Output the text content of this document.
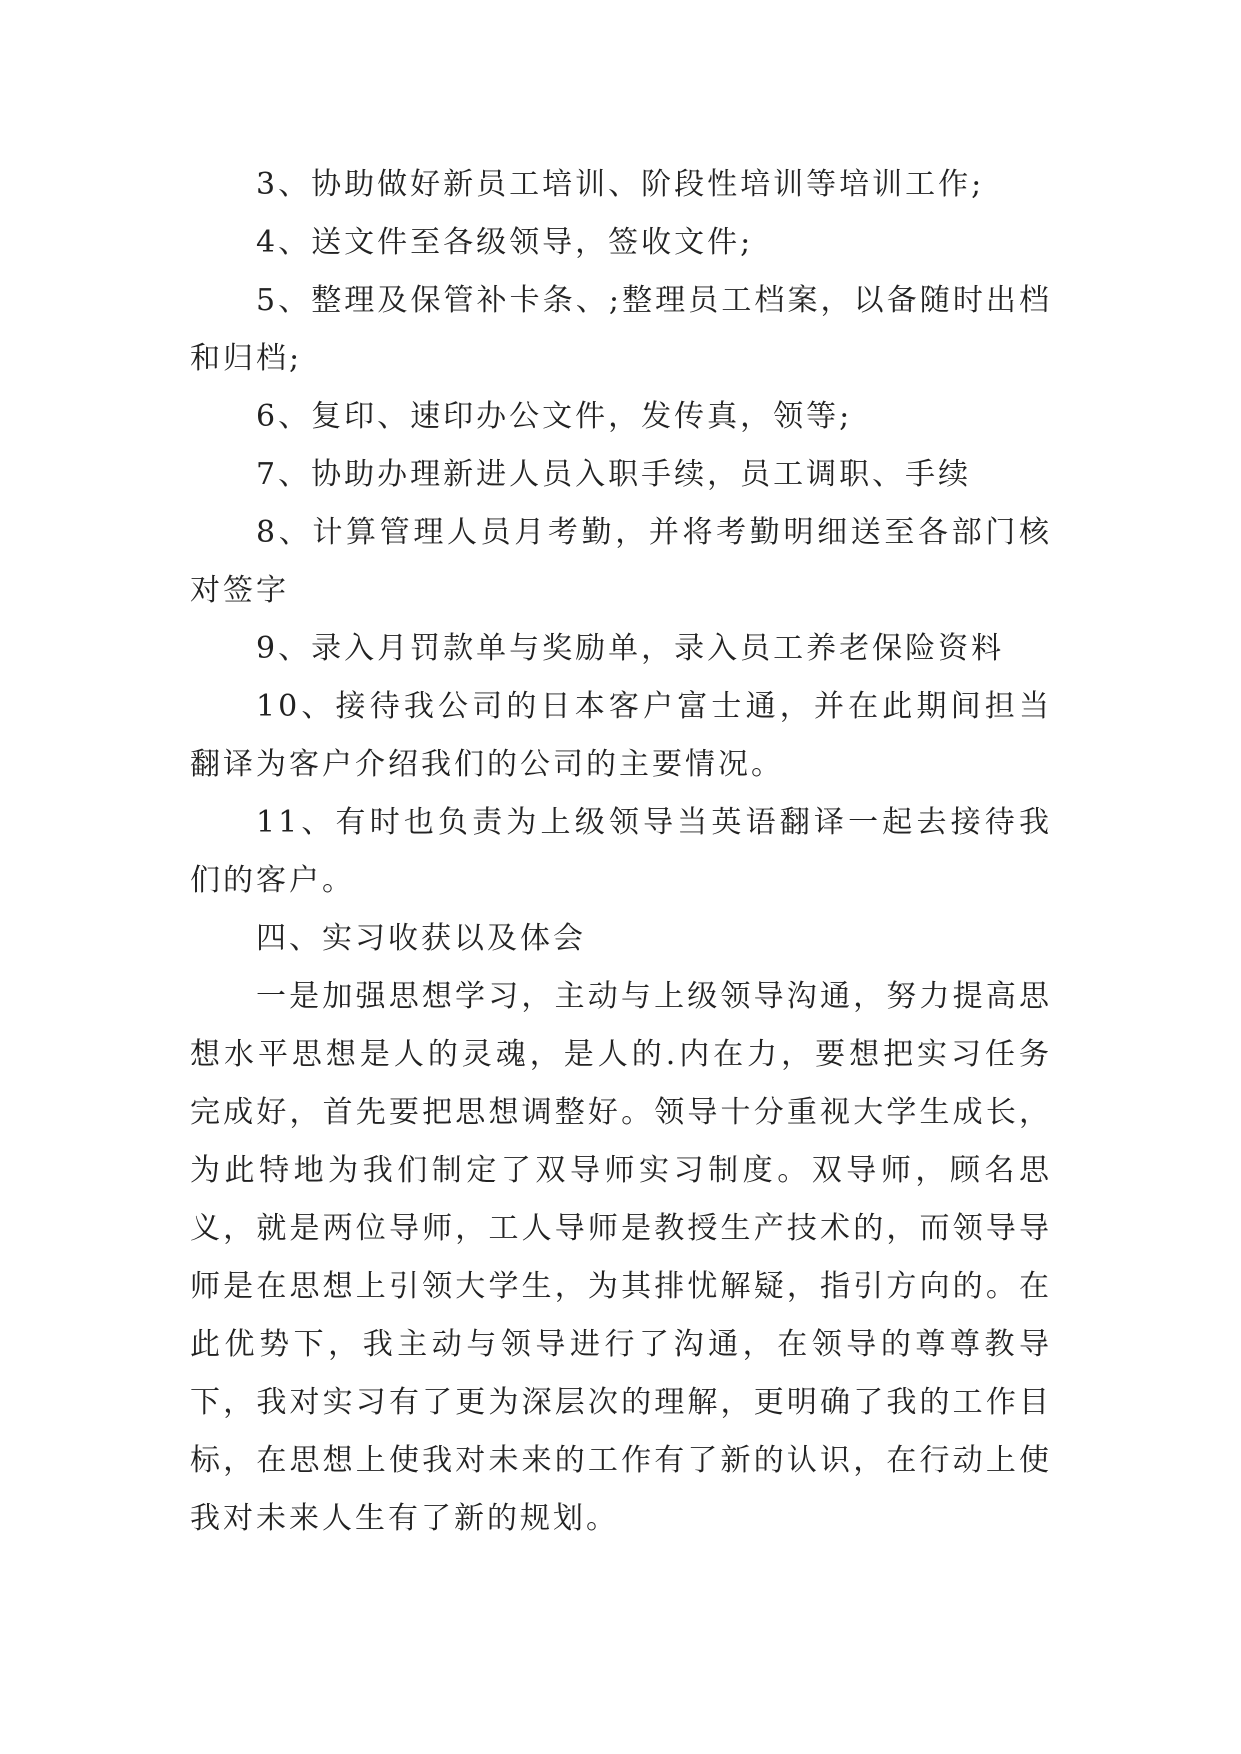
3、协助做好新员工培训、阶段性培训等培训工作;

4、送文件至各级领导，签收文件;

5、整理及保管补卡条、;整理员工档案，以备随时出档和归档;

6、复印、速印办公文件，发传真，领等;

7、协助办理新进人员入职手续，员工调职、手续

8、计算管理人员月考勤，并将考勤明细送至各部门核对签字

9、录入月罚款单与奖励单，录入员工养老保险资料

10、接待我公司的日本客户富士通，并在此期间担当翻译为客户介绍我们的公司的主要情况。

11、有时也负责为上级领导当英语翻译一起去接待我们的客户。

四、实习收获以及体会

一是加强思想学习，主动与上级领导沟通，努力提高思想水平思想是人的灵魂，是人的.内在力，要想把实习任务完成好，首先要把思想调整好。领导十分重视大学生成长，为此特地为我们制定了双导师实习制度。双导师，顾名思义，就是两位导师，工人导师是教授生产技术的，而领导导师是在思想上引领大学生，为其排忧解疑，指引方向的。在此优势下，我主动与领导进行了沟通，在领导的尊尊教导下，我对实习有了更为深层次的理解，更明确了我的工作目标，在思想上使我对未来的工作有了新的认识，在行动上使我对未来人生有了新的规划。
